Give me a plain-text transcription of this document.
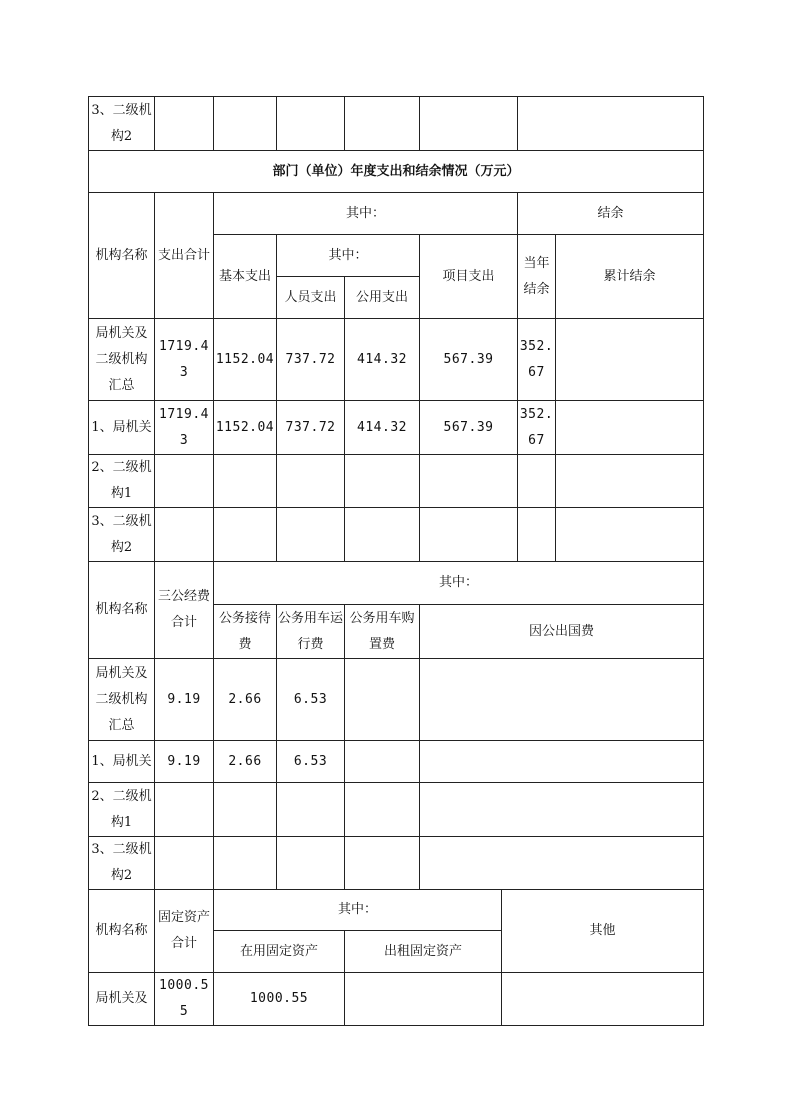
3、二级机构2								
部门（单位）年度支出和结余情况（万元）								
机构名称	支出合计	其中：					结余	
		基本支出	其中：		项目支出		当年结余	累计结余
			人员支出	公用支出				
局机关及二级机构汇总	1719.43	1152.04	737.72	414.32	567.39		352.67	
1、局机关	1719.43	1152.04	737.72	414.32	567.39		352.67	
2、二级机构1								
3、二级机构2								
机构名称	三公经费合计	其中：						
		公务接待费	公务用车运行费	公务用车购置费	因公出国费			
局机关及二级机构汇总	9.19	2.66	6.53					
1、局机关	9.19	2.66	6.53					
2、二级机构1								
3、二级机构2								
机构名称	固定资产合计	其中：				其他		
		在用固定资产		出租固定资产				
局机关及	1000.55	1000.55						
